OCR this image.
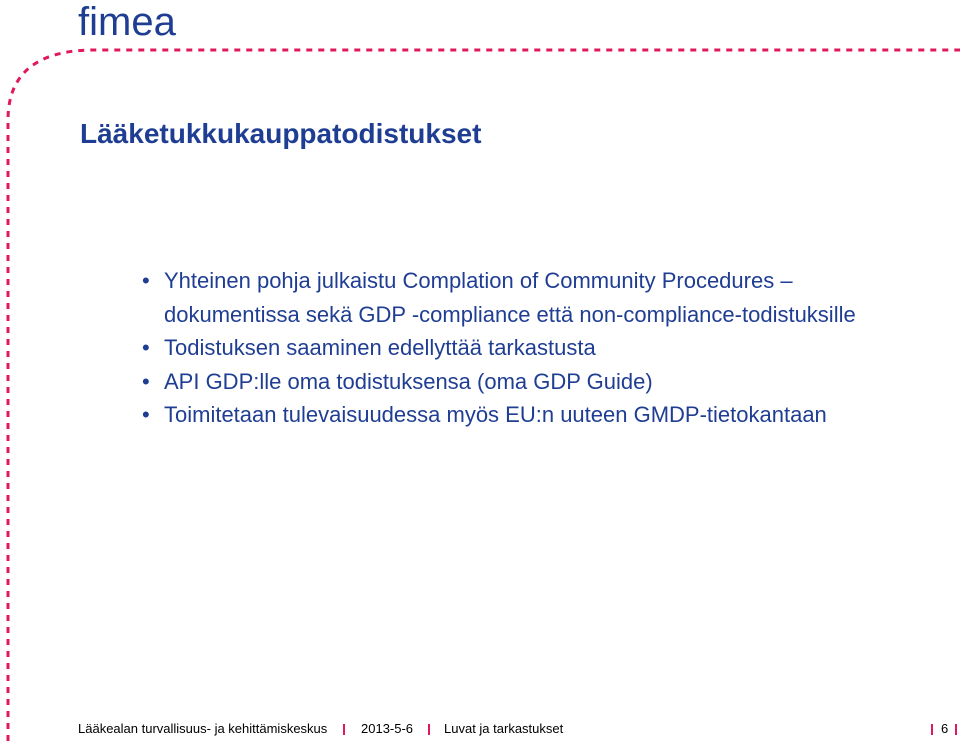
fimea
Lääketukkukauppatodistukset
• Yhteinen pohja julkaistu Complation of Community Procedures –dokumentissa sekä GDP -compliance että non-compliance-todistuksille
• Todistuksen saaminen edellyttää tarkastusta
• API GDP:lle oma todistuksensa (oma GDP Guide)
• Toimitetaan tulevaisuudessa myös EU:n uuteen GMDP-tietokantaan
Lääkealan turvallisuus- ja kehittämiskeskus	2013-5-6 Luvat ja tarkastukset	6
